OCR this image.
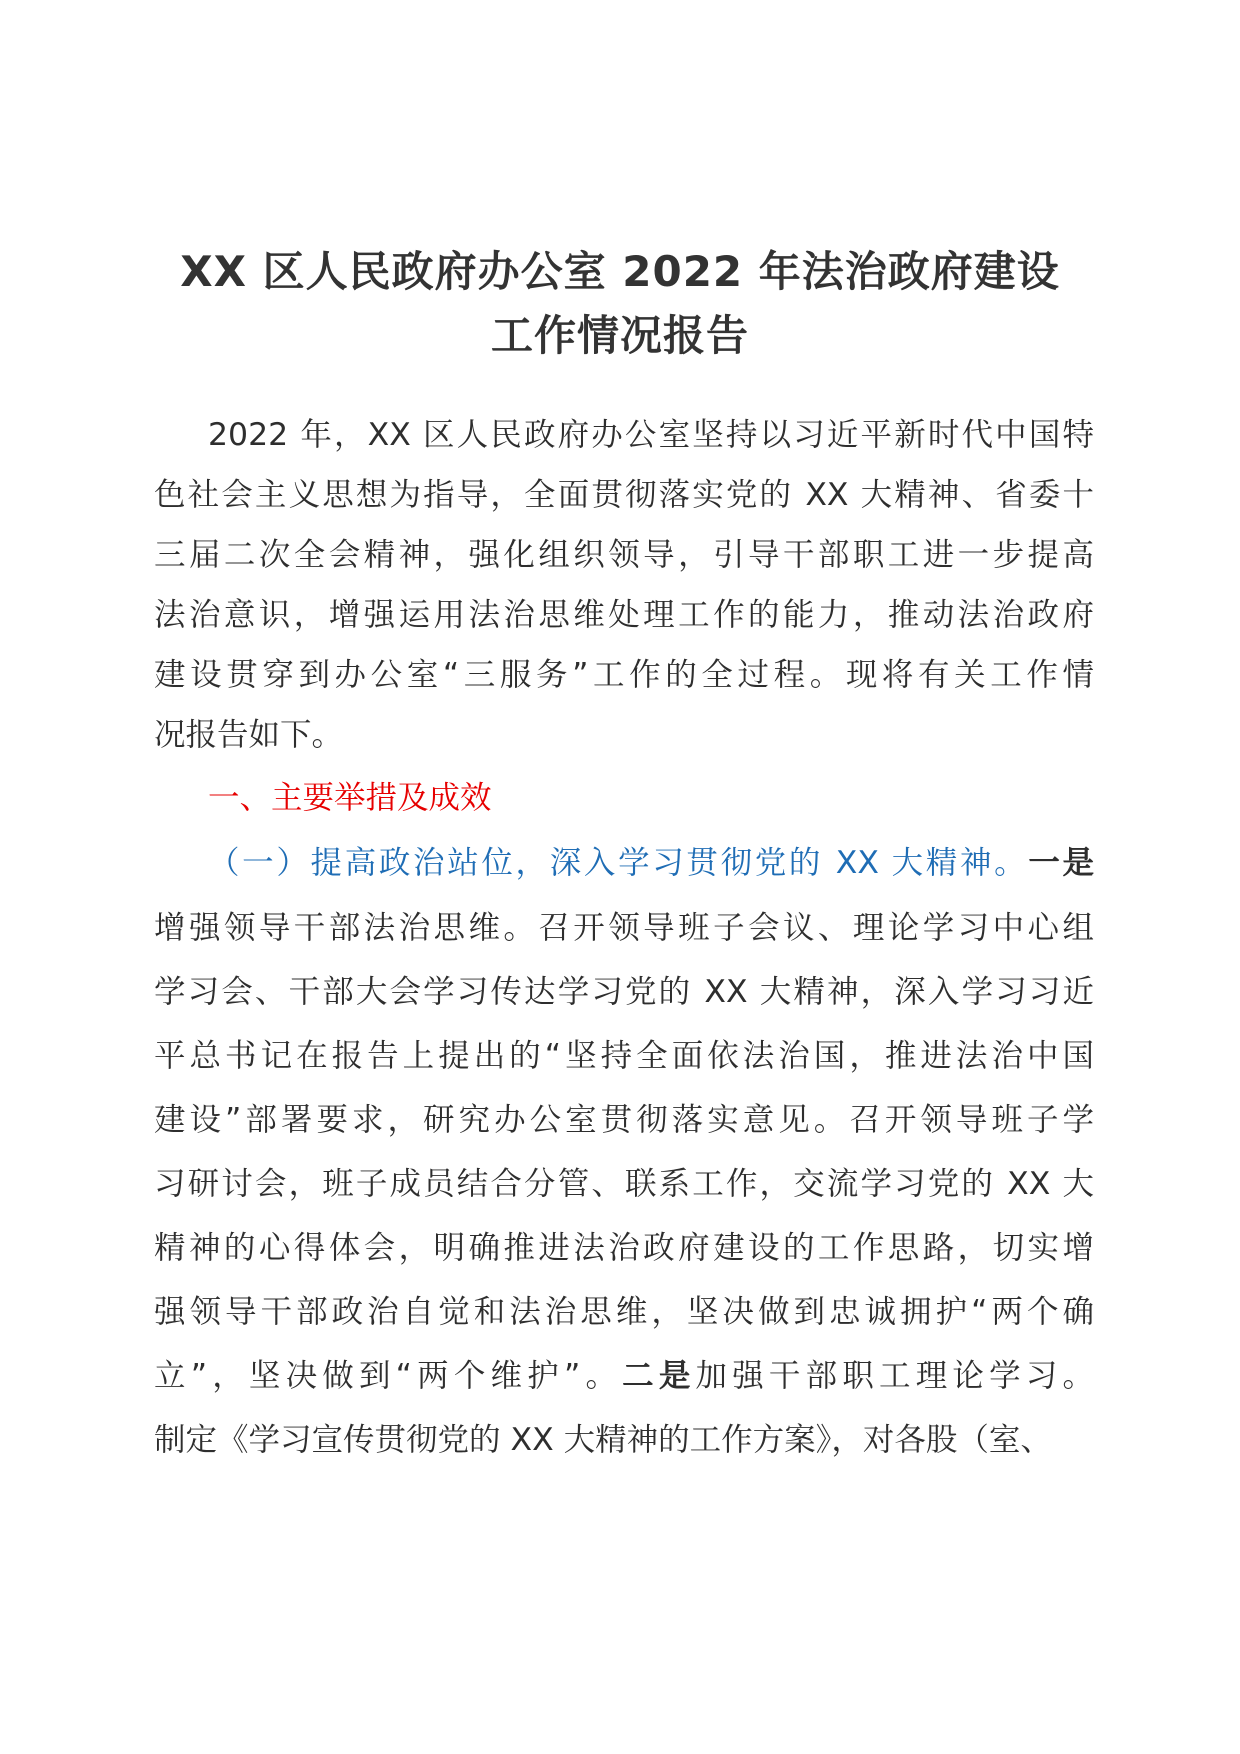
XX 区人民政府办公室 2022 年法治政府建设
工作情况报告
2022 年，XX 区人民政府办公室坚持以习近平新时代中国特
色社会主义思想为指导，全面贯彻落实党的 XX 大精神、省委十
三届二次全会精神，强化组织领导，引导干部职工进一步提高
法治意识，增强运用法治思维处理工作的能力，推动法治政府
建设贯穿到办公室“三服务”工作的全过程。现将有关工作情
况报告如下。
一、主要举措及成效
（一）提高政治站位，深入学习贯彻党的 XX 大精神。一是
增强领导干部法治思维。召开领导班子会议、理论学习中心组
学习会、干部大会学习传达学习党的 XX 大精神，深入学习习近
平总书记在报告上提出的“坚持全面依法治国，推进法治中国
建设”部署要求，研究办公室贯彻落实意见。召开领导班子学
习研讨会，班子成员结合分管、联系工作，交流学习党的 XX 大
精神的心得体会，明确推进法治政府建设的工作思路，切实增
强领导干部政治自觉和法治思维，坚决做到忠诚拥护“两个确
立”，坚决做到“两个维护”。二是加强干部职工理论学习。
制定《学习宣传贯彻党的 XX 大精神的工作方案》，对各股（室、
